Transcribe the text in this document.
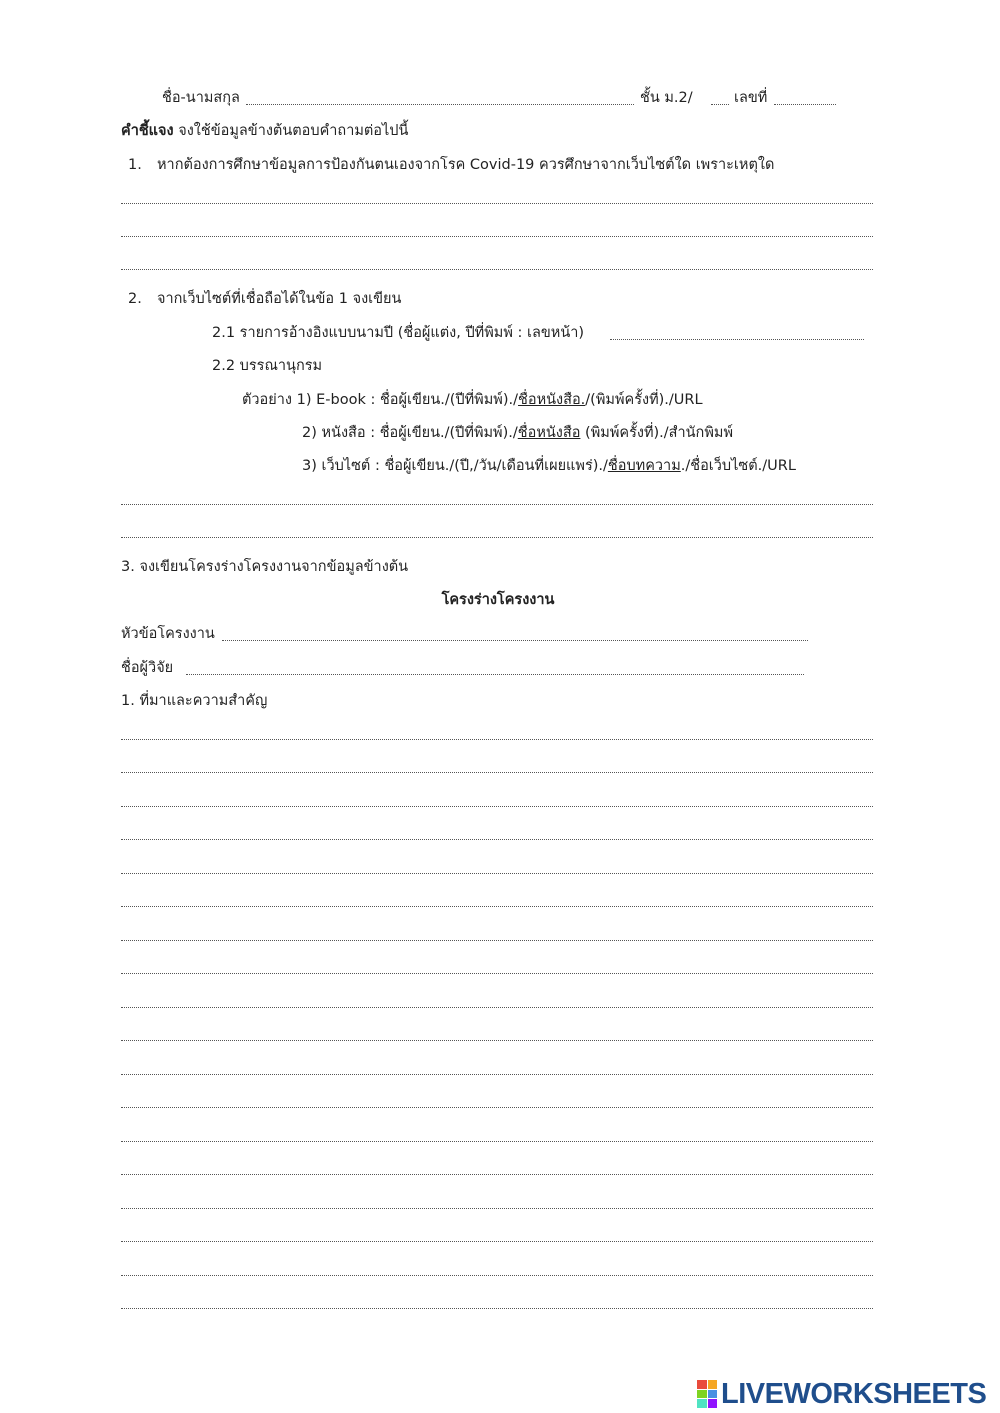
ชื่อ-นามสกุล	ชั้น ม.2/	เลขที่
คำชี้แจง จงใช้ข้อมูลข้างต้นตอบคำถามต่อไปนี้
1. หากต้องการศึกษาข้อมูลการป้องกันตนเองจากโรค Covid-19 ควรศึกษาจากเว็บไซต์ใด เพราะเหตุใด
2. จากเว็บไซต์ที่เชื่อถือได้ในข้อ 1 จงเขียน
2.1 รายการอ้างอิงแบบนามปี (ชื่อผู้แต่ง, ปีที่พิมพ์ : เลขหน้า)
2.2 บรรณานุกรม
ตัวอย่าง 1) E-book : ชื่อผู้เขียน./(ปีที่พิมพ์)./ชื่อหนังสือ./(พิมพ์ครั้งที่)./URL
2) หนังสือ : ชื่อผู้เขียน./(ปีที่พิมพ์)./ชื่อหนังสือ (พิมพ์ครั้งที่)./สำนักพิมพ์
3) เว็บไซต์ : ชื่อผู้เขียน./(ปี,/วัน/เดือนที่เผยแพร่)./ชื่อบทความ./ชื่อเว็บไซต์./URL
3. จงเขียนโครงร่างโครงงานจากข้อมูลข้างต้น
โครงร่างโครงงาน
หัวข้อโครงงาน
ชื่อผู้วิจัย
1. ที่มาและความสำคัญ
LIVEWORKSHEETS
